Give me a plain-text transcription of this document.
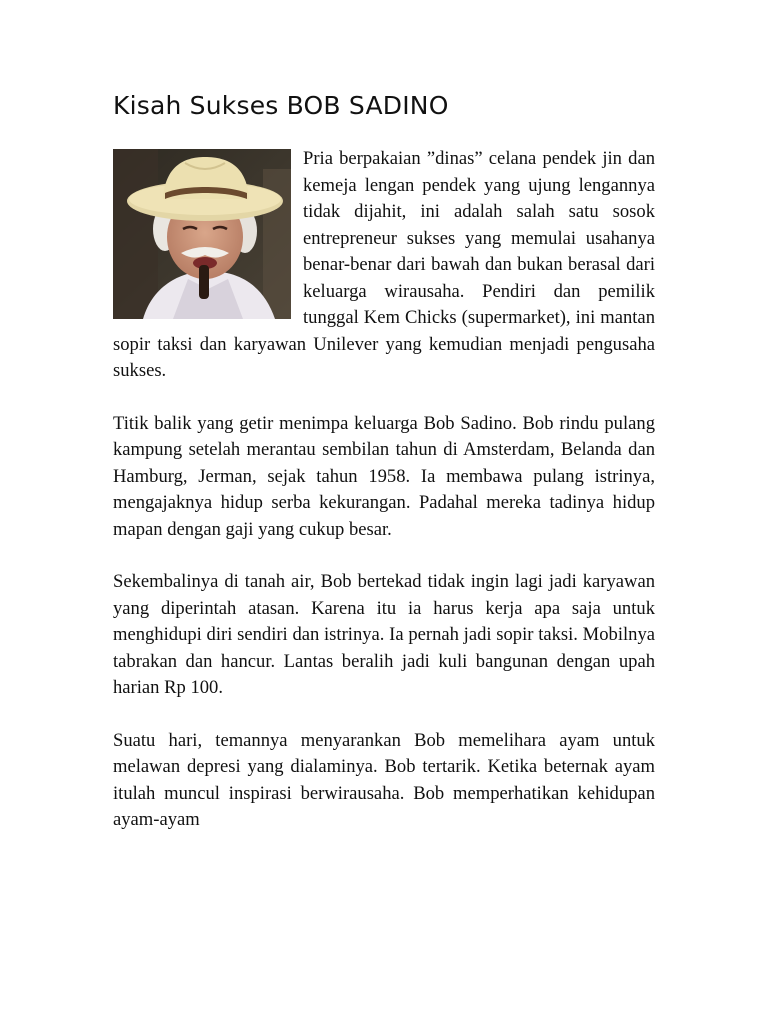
Kisah Sukses BOB SADINO

Pria berpakaian ”dinas” celana pendek jin dan kemeja lengan pendek yang ujung lengannya tidak dijahit, ini adalah salah satu sosok entrepreneur sukses yang memulai usahanya benar-benar dari bawah dan bukan berasal dari keluarga wirausaha. Pendiri dan pemilik tunggal Kem Chicks (supermarket), ini mantan sopir taksi dan karyawan Unilever yang kemudian menjadi pengusaha sukses.

Titik balik yang getir menimpa keluarga Bob Sadino. Bob rindu pulang kampung setelah merantau sembilan tahun di Amsterdam, Belanda dan Hamburg, Jerman, sejak tahun 1958. Ia membawa pulang istrinya, mengajaknya hidup serba kekurangan. Padahal mereka tadinya hidup mapan dengan gaji yang cukup besar.

Sekembalinya di tanah air, Bob bertekad tidak ingin lagi jadi karyawan yang diperintah atasan. Karena itu ia harus kerja apa saja untuk menghidupi diri sendiri dan istrinya. Ia pernah jadi sopir taksi. Mobilnya tabrakan dan hancur. Lantas beralih jadi kuli bangunan dengan upah harian Rp 100.

Suatu hari, temannya menyarankan Bob memelihara ayam untuk melawan depresi yang dialaminya. Bob tertarik. Ketika beternak ayam itulah muncul inspirasi berwirausaha. Bob memperhatikan kehidupan ayam-ayam
